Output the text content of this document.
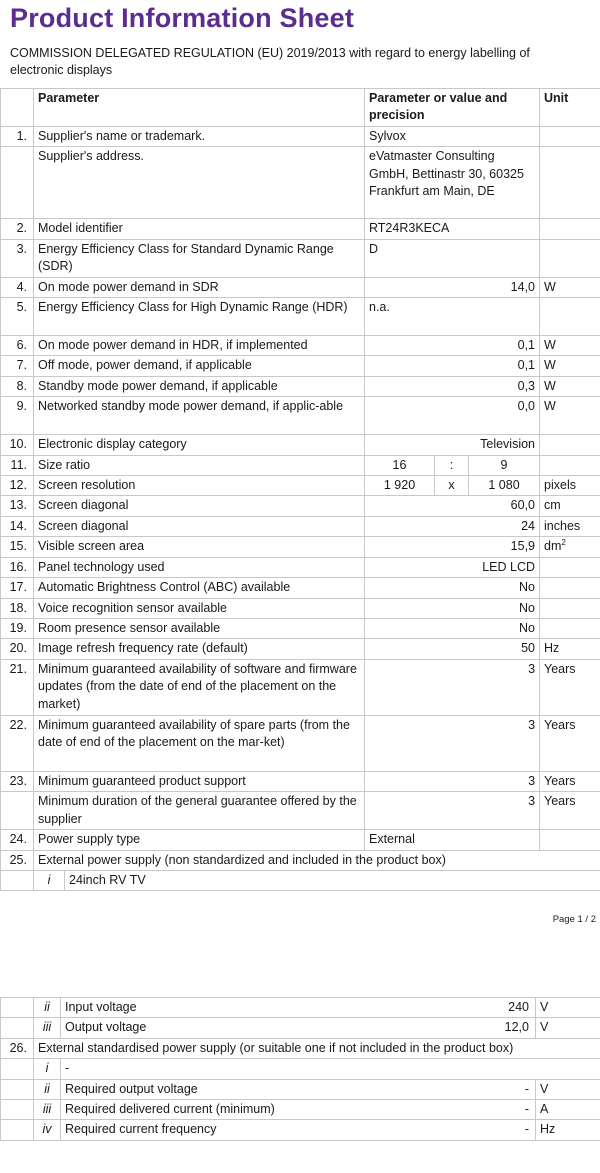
Product Information Sheet
COMMISSION DELEGATED REGULATION (EU) 2019/2013 with regard to energy labelling of electronic displays
	Parameter	Parameter or value and precision	Unit
1.	Supplier's name or trademark.	Sylvox	
	Supplier's address.	eVatmaster Consulting GmbH, Bettinastr 30, 60325 Frankfurt am Main, DE	
2.	Model identifier	RT24R3KECA	
3.	Energy Efficiency Class for Standard Dynamic Range (SDR)	D	
4.	On mode power demand in SDR	14,0	W
5.	Energy Efficiency Class for High Dynamic Range (HDR)	n.a.	
6.	On mode power demand in HDR, if implemented	0,1	W
7.	Off mode, power demand, if applicable	0,1	W
8.	Standby mode power demand, if applicable	0,3	W
9.	Networked standby mode power demand, if applic-able	0,0	W
10.	Electronic display category	Television	
11.	Size ratio	16	:	9	
12.	Screen resolution	1 920	x	1 080	pixels
13.	Screen diagonal	60,0	cm
14.	Screen diagonal	24	inches
15.	Visible screen area	15,9	$dm^2$
16.	Panel technology used	LED LCD	
17.	Automatic Brightness Control (ABC) available	No	
18.	Voice recognition sensor available	No	
19.	Room presence sensor available	No	
20.	Image refresh frequency rate (default)	50	Hz
21.	Minimum guaranteed availability of software and firmware updates (from the date of end of the placement on the market)	3	Years
22.	Minimum guaranteed availability of spare parts (from the date of end of the placement on the mar-ket)	3	Years
23.	Minimum guaranteed product support	3	Years
	Minimum duration of the general guarantee offered by the supplier	3	Years
24.	Power supply type	External	
25.	External power supply (non standardized and included in the product box)

i	24inch RV TV
Page 1 / 2
	ii	Input voltage 240	V
	iii	Output voltage 12,0	V
26.	External standardised power supply (or suitable one if not included in the product box)		
	i	-	
	ii	Required output voltage -	V
	iii	Required delivered current (minimum) -	A
	iv	Required current frequency -	Hz
